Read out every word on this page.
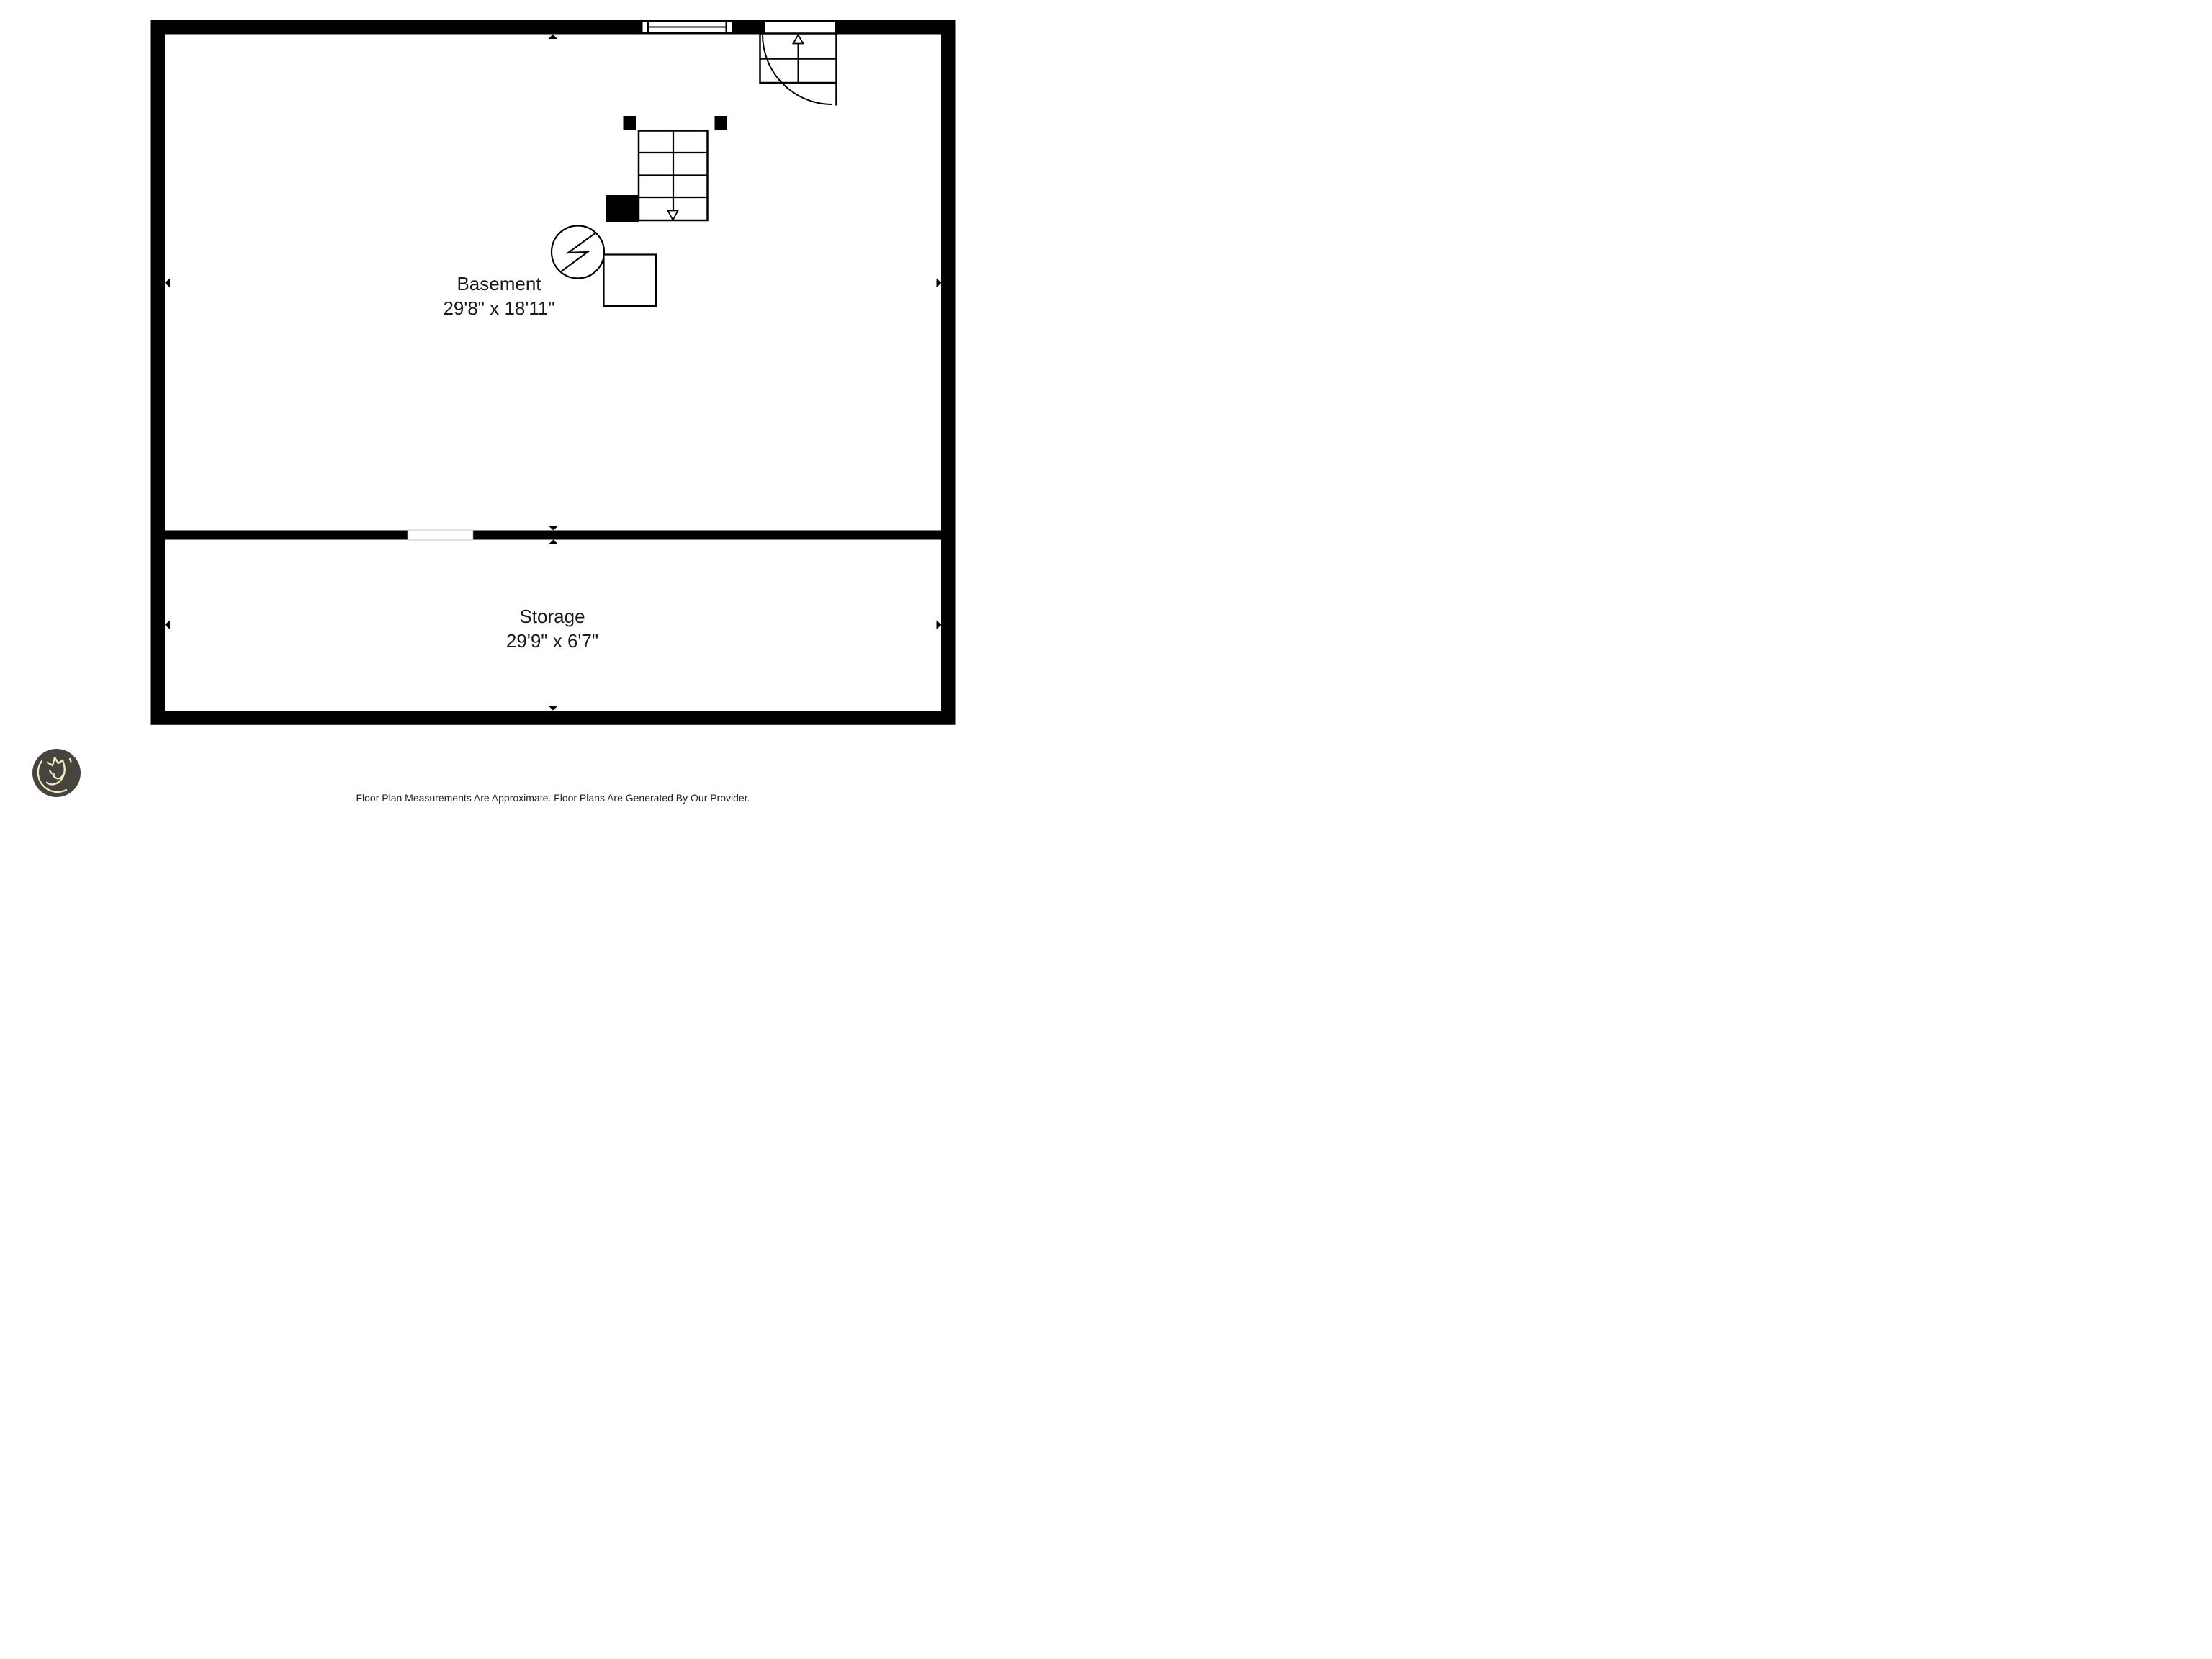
Basement
29'8" x 18'11"
Storage
29'9" x 6'7"
Floor Plan Measurements Are Approximate. Floor Plans Are Generated By Our Provider.
